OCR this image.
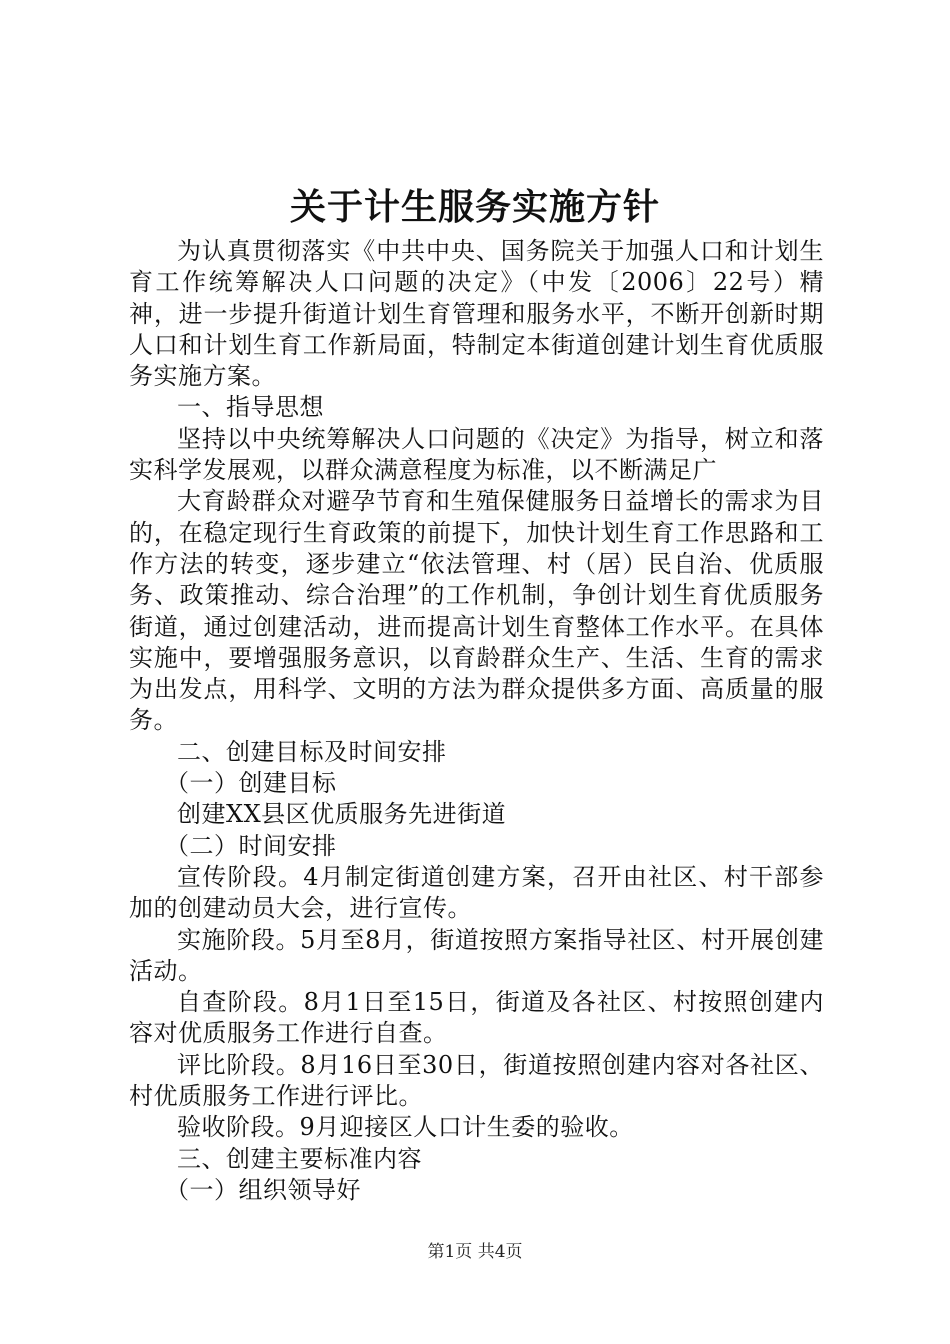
关于计生服务实施方针

为认真贯彻落实《中共中央、国务院关于加强人口和计划生育工作统筹解决人口问题的决定》（中发〔2006〕22号）精神，进一步提升街道计划生育管理和服务水平，不断开创新时期人口和计划生育工作新局面，特制定本街道创建计划生育优质服务实施方案。

一、指导思想

坚持以中央统筹解决人口问题的《决定》为指导，树立和落实科学发展观，以群众满意程度为标准，以不断满足广

大育龄群众对避孕节育和生殖保健服务日益增长的需求为目的，在稳定现行生育政策的前提下，加快计划生育工作思路和工作方法的转变，逐步建立“依法管理、村（居）民自治、优质服务、政策推动、综合治理”的工作机制，争创计划生育优质服务街道，通过创建活动，进而提高计划生育整体工作水平。在具体实施中，要增强服务意识，以育龄群众生产、生活、生育的需求为出发点，用科学、文明的方法为群众提供多方面、高质量的服务。

二、创建目标及时间安排

（一）创建目标

创建XX县区优质服务先进街道

（二）时间安排

宣传阶段。4月制定街道创建方案，召开由社区、村干部参加的创建动员大会，进行宣传。

实施阶段。5月至8月，街道按照方案指导社区、村开展创建活动。

自查阶段。8月1日至15日，街道及各社区、村按照创建内容对优质服务工作进行自查。

评比阶段。8月16日至30日，街道按照创建内容对各社区、村优质服务工作进行评比。

验收阶段。9月迎接区人口计生委的验收。

三、创建主要标准内容

（一）组织领导好

第1页 共4页
